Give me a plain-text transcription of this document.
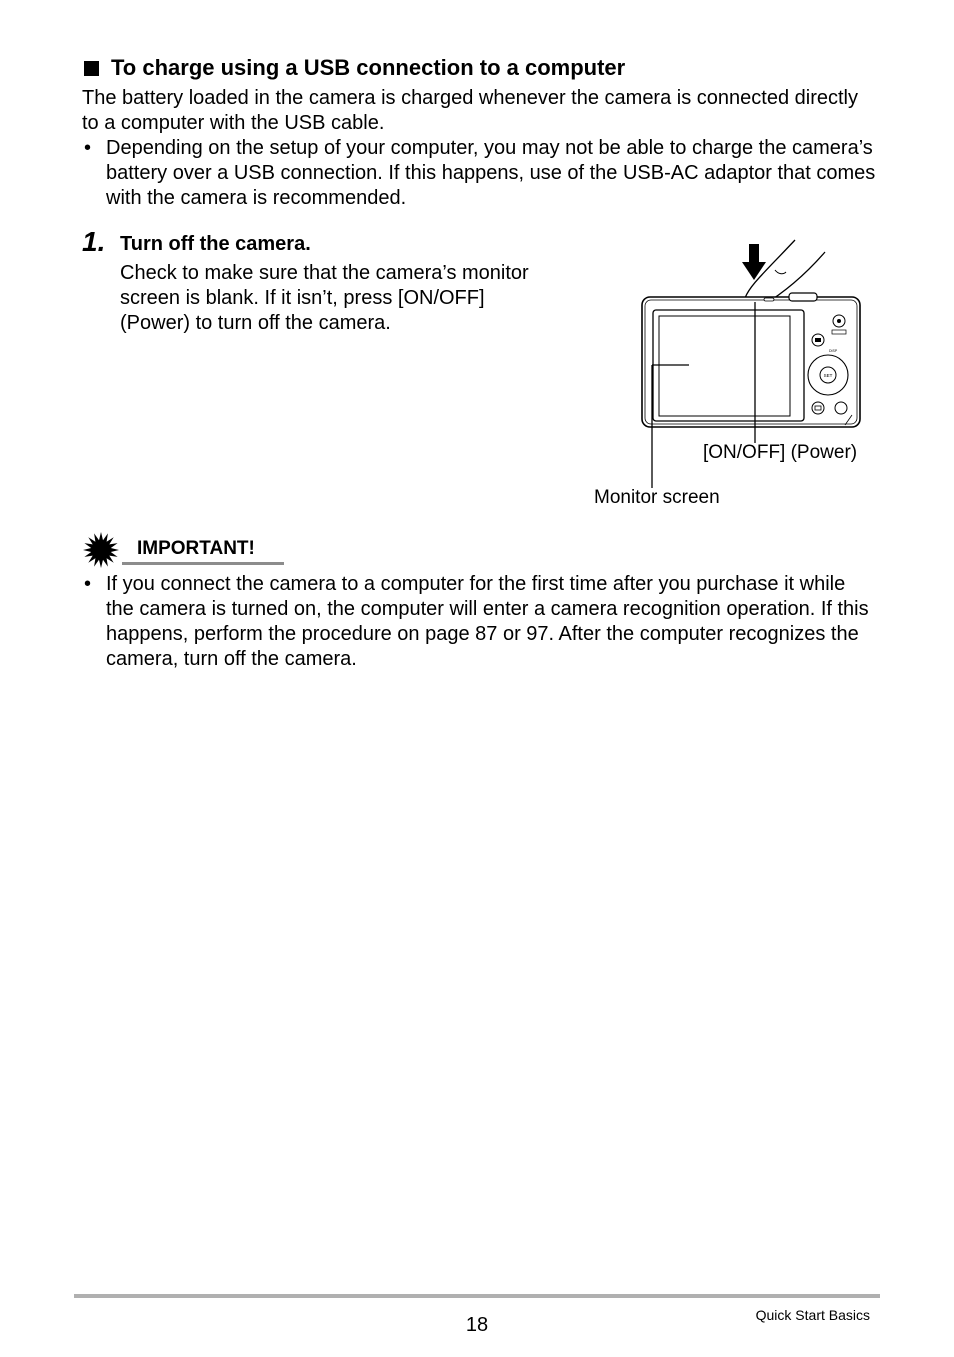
To charge using a USB connection to a computer
The battery loaded in the camera is charged whenever the camera is connected directly to a computer with the USB cable.
• Depending on the setup of your computer, you may not be able to charge the camera’s battery over a USB connection. If this happens, use of the USB-AC adaptor that comes with the camera is recommended.
1. Turn off the camera.
Check to make sure that the camera’s monitor screen is blank. If it isn’t, press [ON/OFF] (Power) to turn off the camera.
DISP
SET
[ON/OFF] (Power)
Monitor screen
IMPORTANT!
• If you connect the camera to a computer for the first time after you purchase it while the camera is turned on, the computer will enter a camera recognition operation. If this happens, perform the procedure on page 87 or 97. After the computer recognizes the camera, turn off the camera.
18	Quick Start Basics
